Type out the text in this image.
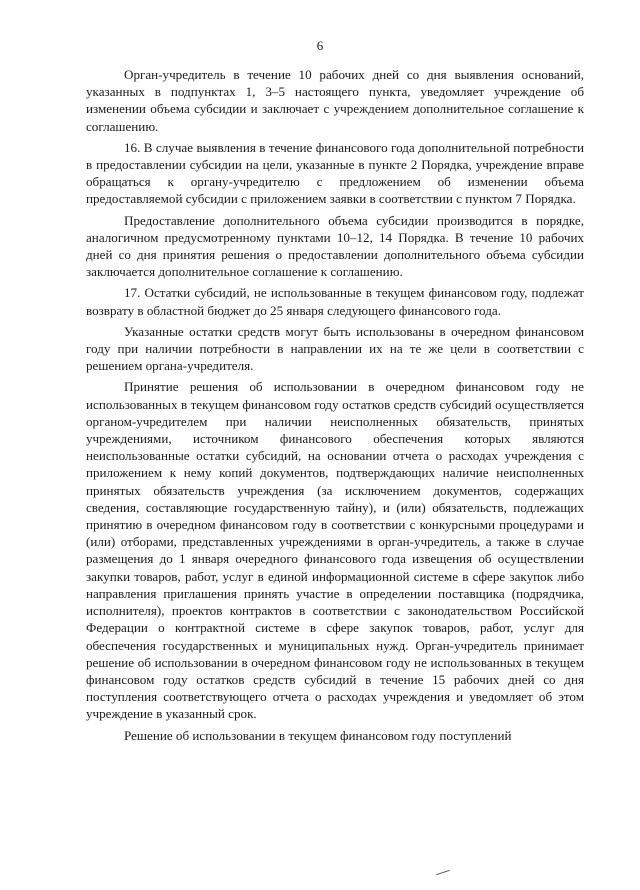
6

Орган-учредитель в течение 10 рабочих дней со дня выявления оснований, указанных в подпунктах 1, 3–5 настоящего пункта, уведомляет учреждение об изменении объема субсидии и заключает с учреждением дополнительное соглашение к соглашению.

16. В случае выявления в течение финансового года дополнительной потребности в предоставлении субсидии на цели, указанные в пункте 2 Порядка, учреждение вправе обращаться к органу-учредителю с предложением об изменении объема предоставляемой субсидии с приложением заявки в соответствии с пунктом 7 Порядка.

Предоставление дополнительного объема субсидии производится в порядке, аналогичном предусмотренному пунктами 10–12, 14 Порядка. В течение 10 рабочих дней со дня принятия решения о предоставлении дополнительного объема субсидии заключается дополнительное соглашение к соглашению.

17. Остатки субсидий, не использованные в текущем финансовом году, подлежат возврату в областной бюджет до 25 января следующего финансового года.

Указанные остатки средств могут быть использованы в очередном финансовом году при наличии потребности в направлении их на те же цели в соответствии с решением органа-учредителя.

Принятие решения об использовании в очередном финансовом году не использованных в текущем финансовом году остатков средств субсидий осуществляется органом-учредителем при наличии неисполненных обязательств, принятых учреждениями, источником финансового обеспечения которых являются неиспользованные остатки субсидий, на основании отчета о расходах учреждения с приложением к нему копий документов, подтверждающих наличие неисполненных принятых обязательств учреждения (за исключением документов, содержащих сведения, составляющие государственную тайну), и (или) обязательств, подлежащих принятию в очередном финансовом году в соответствии с конкурсными процедурами и (или) отборами, представленных учреждениями в орган-учредитель, а также в случае размещения до 1 января очередного финансового года извещения об осуществлении закупки товаров, работ, услуг в единой информационной системе в сфере закупок либо направления приглашения принять участие в определении поставщика (подрядчика, исполнителя), проектов контрактов в соответствии с законодательством Российской Федерации о контрактной системе в сфере закупок товаров, работ, услуг для обеспечения государственных и муниципальных нужд. Орган-учредитель принимает решение об использовании в очередном финансовом году не использованных в текущем финансовом году остатков средств субсидий в течение 15 рабочих дней со дня поступления соответствующего отчета о расходах учреждения и уведомляет об этом учреждение в указанный срок.

Решение об использовании в текущем финансовом году поступлений
